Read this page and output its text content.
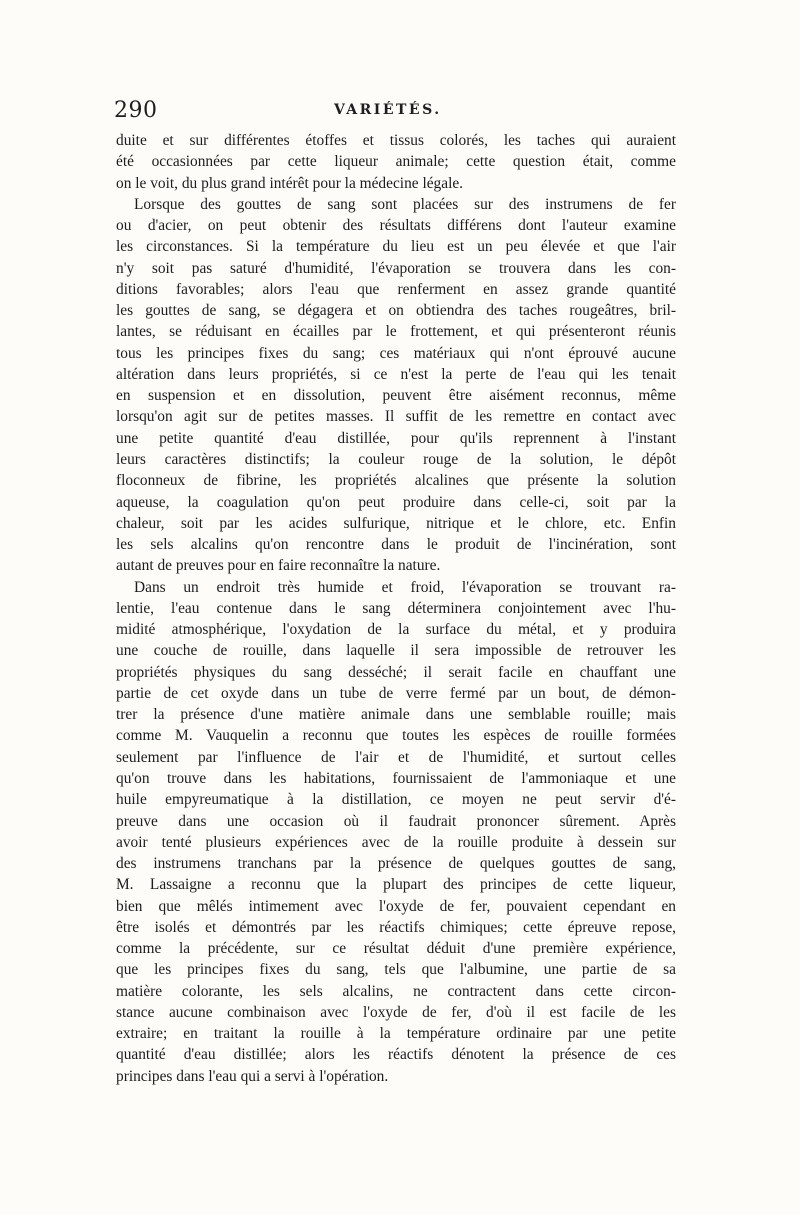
290	VARIÉTÉS.
duite et sur différentes étoffes et tissus colorés, les taches qui auraient
été occasionnées par cette liqueur animale; cette question était, comme
on le voit, du plus grand intérêt pour la médecine légale.
Lorsque des gouttes de sang sont placées sur des instrumens de fer
ou d'acier, on peut obtenir des résultats différens dont l'auteur examine
les circonstances. Si la température du lieu est un peu élevée et que l'air
n'y soit pas saturé d'humidité, l'évaporation se trouvera dans les con-
ditions favorables; alors l'eau que renferment en assez grande quantité
les gouttes de sang, se dégagera et on obtiendra des taches rougeâtres, bril-
lantes, se réduisant en écailles par le frottement, et qui présenteront réunis
tous les principes fixes du sang; ces matériaux qui n'ont éprouvé aucune
altération dans leurs propriétés, si ce n'est la perte de l'eau qui les tenait
en suspension et en dissolution, peuvent être aisément reconnus, même
lorsqu'on agit sur de petites masses. Il suffit de les remettre en contact avec
une petite quantité d'eau distillée, pour qu'ils reprennent à l'instant
leurs caractères distinctifs; la couleur rouge de la solution, le dépôt
floconneux de fibrine, les propriétés alcalines que présente la solution
aqueuse, la coagulation qu'on peut produire dans celle-ci, soit par la
chaleur, soit par les acides sulfurique, nitrique et le chlore, etc. Enfin
les sels alcalins qu'on rencontre dans le produit de l'incinération, sont
autant de preuves pour en faire reconnaître la nature.
Dans un endroit très humide et froid, l'évaporation se trouvant ra-
lentie, l'eau contenue dans le sang déterminera conjointement avec l'hu-
midité atmosphérique, l'oxydation de la surface du métal, et y produira
une couche de rouille, dans laquelle il sera impossible de retrouver les
propriétés physiques du sang desséché; il serait facile en chauffant une
partie de cet oxyde dans un tube de verre fermé par un bout, de démon-
trer la présence d'une matière animale dans une semblable rouille; mais
comme M. Vauquelin a reconnu que toutes les espèces de rouille formées
seulement par l'influence de l'air et de l'humidité, et surtout celles
qu'on trouve dans les habitations, fournissaient de l'ammoniaque et une
huile empyreumatique à la distillation, ce moyen ne peut servir d'é-
preuve dans une occasion où il faudrait prononcer sûrement. Après
avoir tenté plusieurs expériences avec de la rouille produite à dessein sur
des instrumens tranchans par la présence de quelques gouttes de sang,
M. Lassaigne a reconnu que la plupart des principes de cette liqueur,
bien que mêlés intimement avec l'oxyde de fer, pouvaient cependant en
être isolés et démontrés par les réactifs chimiques; cette épreuve repose,
comme la précédente, sur ce résultat déduit d'une première expérience,
que les principes fixes du sang, tels que l'albumine, une partie de sa
matière colorante, les sels alcalins, ne contractent dans cette circon-
stance aucune combinaison avec l'oxyde de fer, d'où il est facile de les
extraire; en traitant la rouille à la température ordinaire par une petite
quantité d'eau distillée; alors les réactifs dénotent la présence de ces
principes dans l'eau qui a servi à l'opération.
